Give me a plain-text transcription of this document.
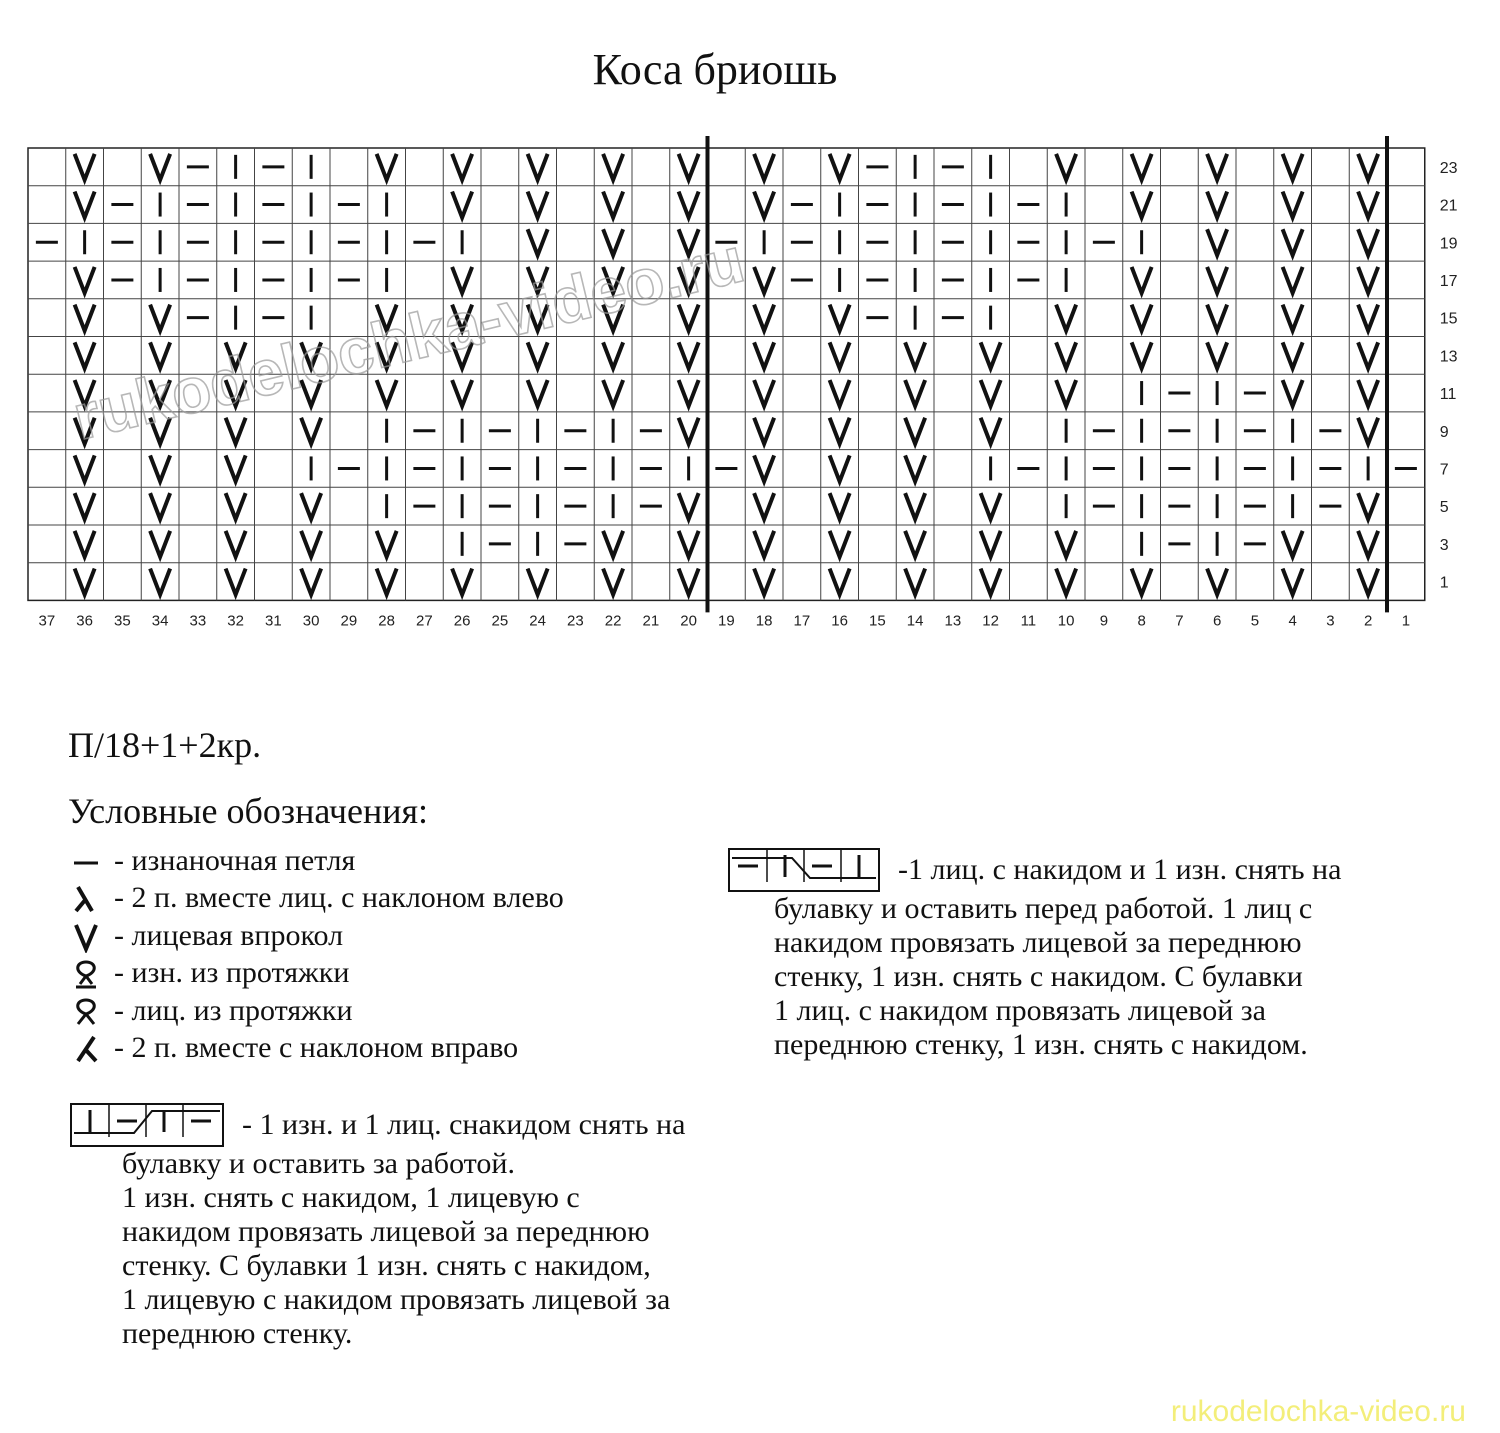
1
3
5
7
9
11
13
15
17
19
21
23
37 36 35 34 33 32 31 30 29 28 27 26 25 24 23 22 21 20 19 18 17 16 15 14 13 12 11 10 9 8 7 6 5 4 3 2 1
rukodelochka-video.ru
Коса бриошь
П/18+1+2кр.
Условные обозначения:
- изнаночная петля
- 2 п. вместе лиц. с наклоном влево
- лицевая впрокол
- изн. из протяжки
- лиц. из протяжки
- 2 п. вместе с наклоном вправо
-1 лиц. с накидом и 1 изн. снять на
булавку и оставить перед работой. 1 лиц с
накидом провязать лицевой за переднюю
стенку, 1 изн. снять с накидом. С булавки
1 лиц. с накидом провязать лицевой за
переднюю стенку, 1 изн. снять с накидом.
- 1 изн. и 1 лиц. снакидом снять на
булавку и оставить за работой.
1 изн. снять с накидом, 1 лицевую с
накидом провязать лицевой за переднюю
стенку. С булавки 1 изн. снять с накидом,
1 лицевую с накидом провязать лицевой за
переднюю стенку.
rukodelochka-video.ru
